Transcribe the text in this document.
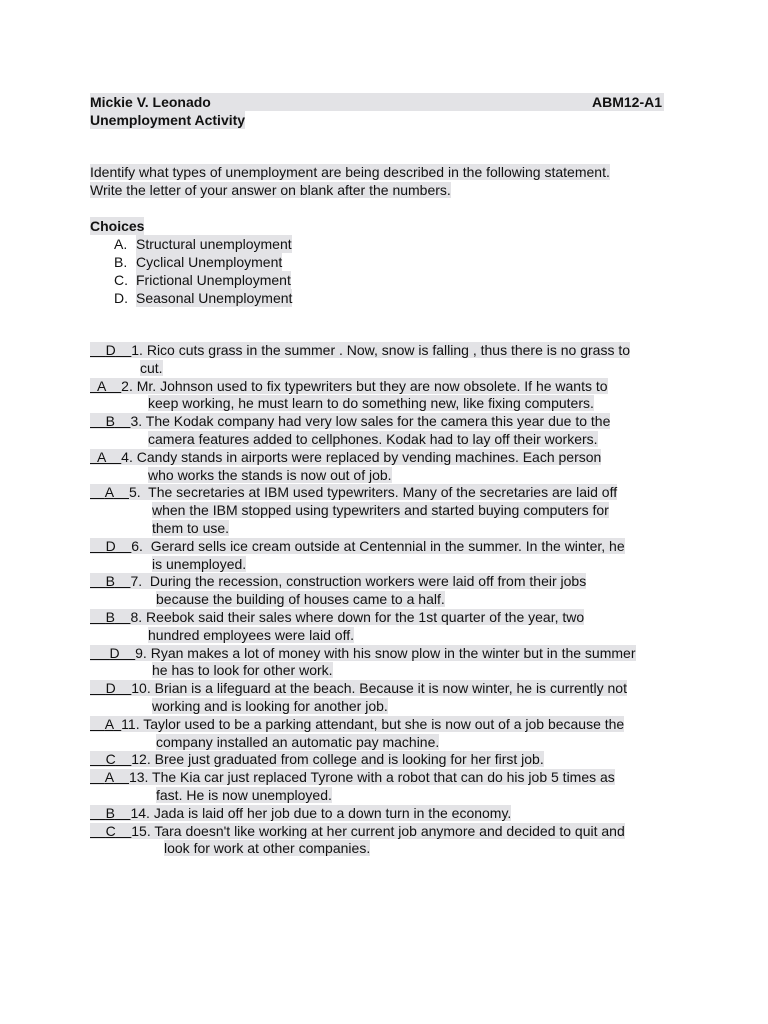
Mickie V. Leonado	ABM12-A1
Unemployment Activity
Identify what types of unemployment are being described in the following statement.
Write the letter of your answer on blank after the numbers.
Choices
A. Structural unemployment
B. Cyclical Unemployment
C. Frictional Unemployment
D. Seasonal Unemployment
D 1. Rico cuts grass in the summer . Now, snow is falling , thus there is no grass to
cut.
A 2. Mr. Johnson used to fix typewriters but they are now obsolete. If he wants to
keep working, he must learn to do something new, like fixing computers.
B 3. The Kodak company had very low sales for the camera this year due to the
camera features added to cellphones. Kodak had to lay off their workers.
A 4. Candy stands in airports were replaced by vending machines. Each person
who works the stands is now out of job.
A 5.  The secretaries at IBM used typewriters. Many of the secretaries are laid off
when the IBM stopped using typewriters and started buying computers for
them to use.
D 6.  Gerard sells ice cream outside at Centennial in the summer. In the winter, he
is unemployed.
B 7.  During the recession, construction workers were laid off from their jobs
because the building of houses came to a half.
B 8. Reebok said their sales where down for the 1st quarter of the year, two
hundred employees were laid off.
D 9. Ryan makes a lot of money with his snow plow in the winter but in the summer
he has to look for other work.
D 10. Brian is a lifeguard at the beach. Because it is now winter, he is currently not
working and is looking for another job.
A 11. Taylor used to be a parking attendant, but she is now out of a job because the
company installed an automatic pay machine.
C 12. Bree just graduated from college and is looking for her first job.
A 13. The Kia car just replaced Tyrone with a robot that can do his job 5 times as
fast. He is now unemployed.
B 14. Jada is laid off her job due to a down turn in the economy.
C 15. Tara doesn't like working at her current job anymore and decided to quit and
look for work at other companies.
